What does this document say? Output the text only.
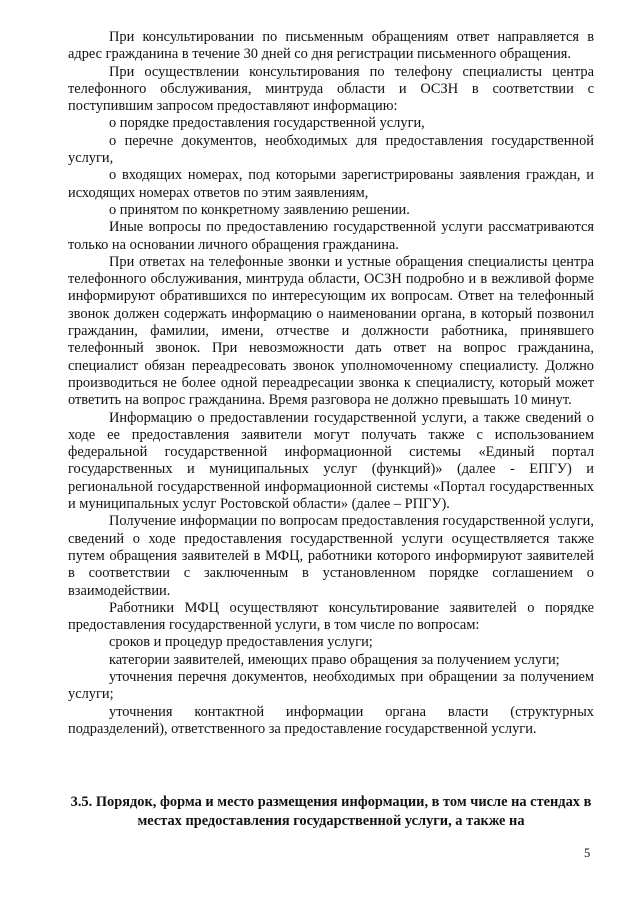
При консультировании по письменным обращениям ответ направляется в адрес гражданина в течение 30 дней со дня регистрации письменного обращения.

При осуществлении консультирования по телефону специалисты центра телефонного обслуживания, минтруда области и ОСЗН в соответствии с поступившим запросом предоставляют информацию:

о порядке предоставления государственной услуги,

о перечне документов, необходимых для предоставления государственной услуги,

о входящих номерах, под которыми зарегистрированы заявления граждан, и исходящих номерах ответов по этим заявлениям,

о принятом по конкретному заявлению решении.

Иные вопросы по предоставлению государственной услуги рассматриваются только на основании личного обращения гражданина.

При ответах на телефонные звонки и устные обращения специалисты центра телефонного обслуживания, минтруда области, ОСЗН подробно и в вежливой форме информируют обратившихся по интересующим их вопросам. Ответ на телефонный звонок должен содержать информацию о наименовании органа, в который позвонил гражданин, фамилии, имени, отчестве и должности работника, принявшего телефонный звонок. При невозможности дать ответ на вопрос гражданина, специалист обязан переадресовать звонок уполномоченному специалисту. Должно производиться не более одной переадресации звонка к специалисту, который может ответить на вопрос гражданина. Время разговора не должно превышать 10 минут.

Информацию о предоставлении государственной услуги, а также сведений о ходе ее предоставления заявители могут получать также с использованием федеральной государственной информационной системы «Единый портал государственных и муниципальных услуг (функций)» (далее - ЕПГУ) и региональной государственной информационной системы «Портал государственных и муниципальных услуг Ростовской области» (далее – РПГУ).

Получение информации по вопросам предоставления государственной услуги, сведений о ходе предоставления государственной услуги осуществляется также путем обращения заявителей в МФЦ, работники которого информируют заявителей в соответствии с заключенным в установленном порядке соглашением о взаимодействии.

Работники МФЦ осуществляют консультирование заявителей о порядке предоставления государственной услуги, в том числе по вопросам:

сроков и процедур предоставления услуги;

категории заявителей, имеющих право обращения за получением услуги;

уточнения перечня документов, необходимых при обращении за получением услуги;

уточнения контактной информации органа власти (структурных подразделений), ответственного за предоставление государственной услуги.

3.5. Порядок, форма и место размещения информации, в том числе на стендах в местах предоставления государственной услуги, а также на

5
